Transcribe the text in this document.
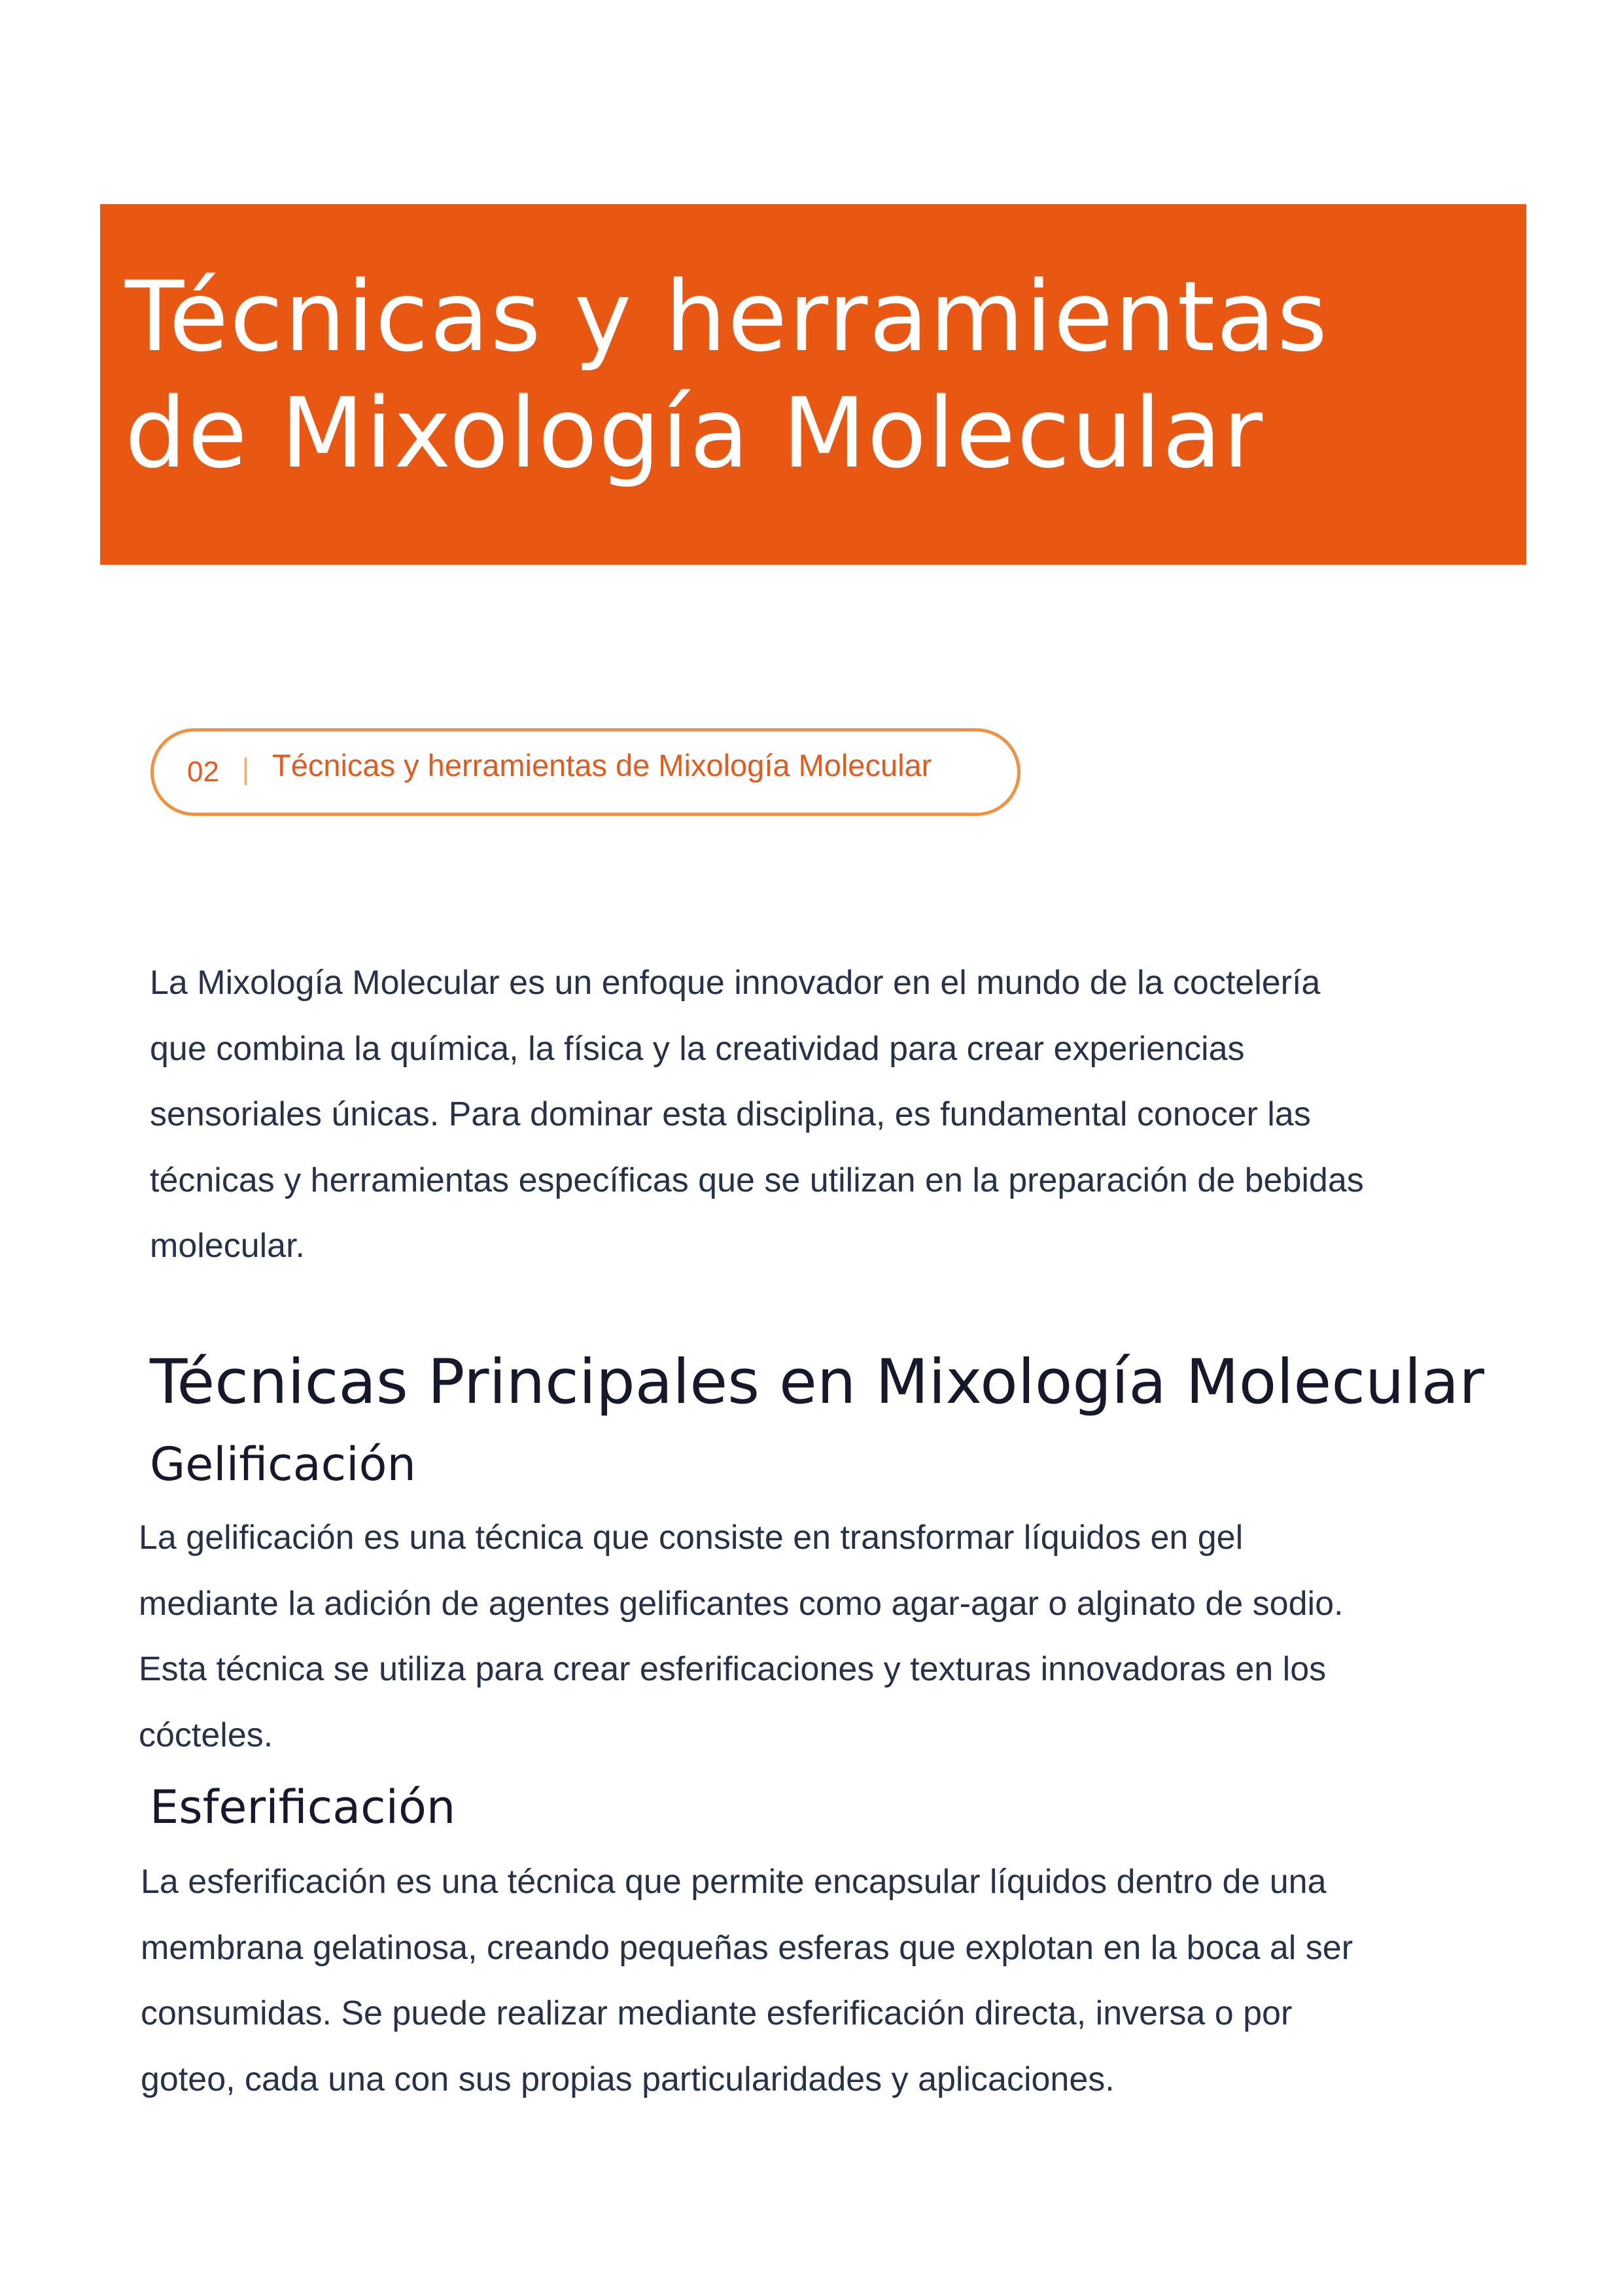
Técnicas y herramientas
de Mixología Molecular
02 Técnicas y herramientas de Mixología Molecular

La Mixología Molecular es un enfoque innovador en el mundo de la coctelería
que combina la química, la física y la creatividad para crear experiencias
sensoriales únicas. Para dominar esta disciplina, es fundamental conocer las
técnicas y herramientas específicas que se utilizan en la preparación de bebidas
molecular.

Técnicas Principales en Mixología Molecular
Gelificación

La gelificación es una técnica que consiste en transformar líquidos en gel
mediante la adición de agentes gelificantes como agar-agar o alginato de sodio.
Esta técnica se utiliza para crear esferificaciones y texturas innovadoras en los
cócteles.

Esferificación

La esferificación es una técnica que permite encapsular líquidos dentro de una
membrana gelatinosa, creando pequeñas esferas que explotan en la boca al ser
consumidas. Se puede realizar mediante esferificación directa, inversa o por
goteo, cada una con sus propias particularidades y aplicaciones.
